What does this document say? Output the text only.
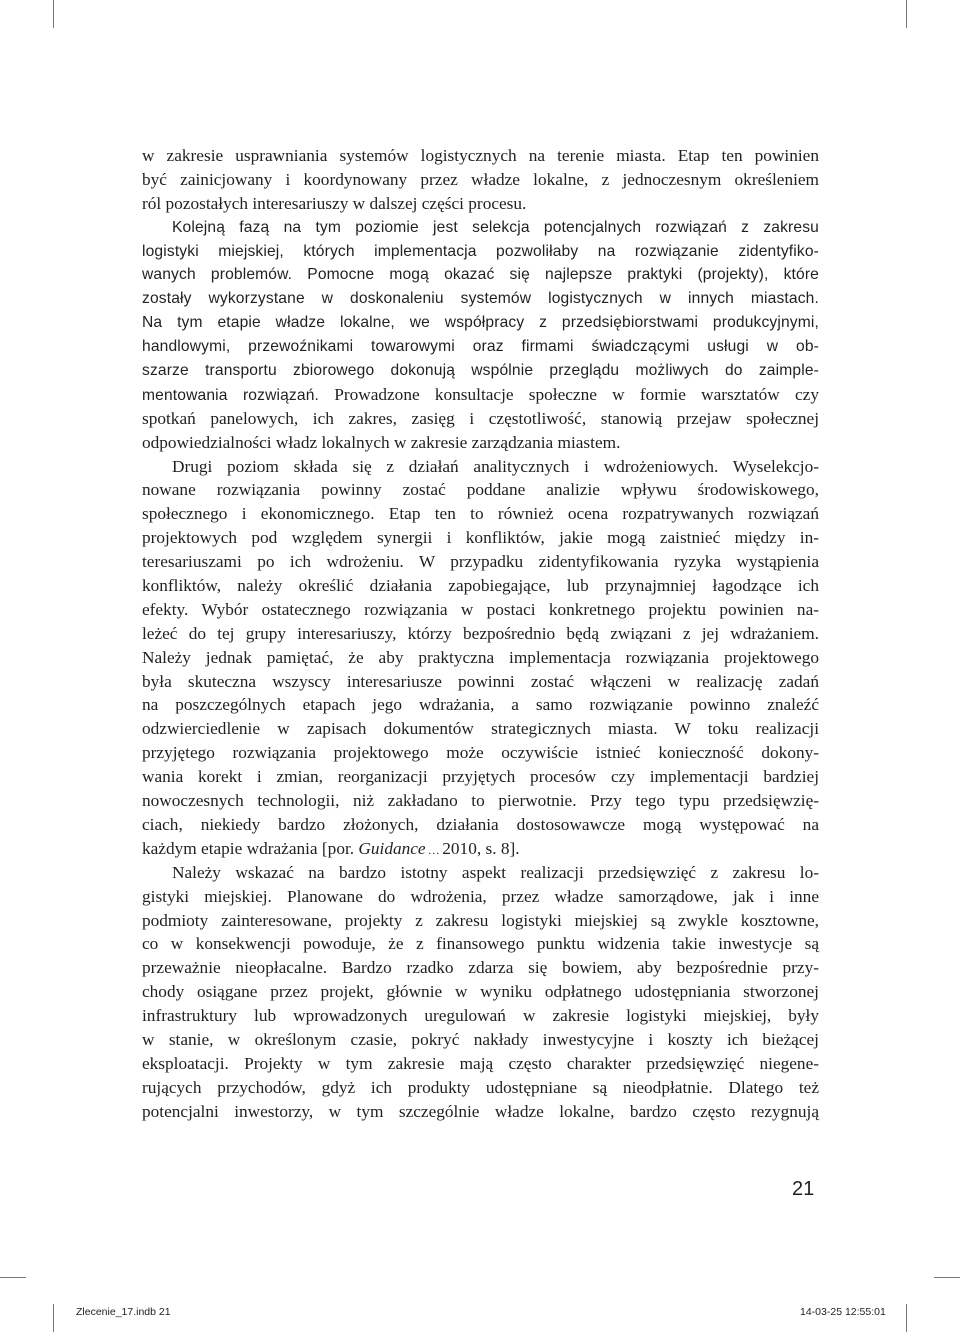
w zakresie usprawniania systemów logistycznych na terenie miasta. Etap ten powinien
być zainicjowany i koordynowany przez władze lokalne, z jednoczesnym określeniem
ról pozostałych interesariuszy w dalszej części procesu.
Kolejną fazą na tym poziomie jest selekcja potencjalnych rozwiązań z zakresu
logistyki miejskiej, których implementacja pozwoliłaby na rozwiązanie zidentyfiko-
wanych problemów. Pomocne mogą okazać się najlepsze praktyki (projekty), które
zostały wykorzystane w doskonaleniu systemów logistycznych w innych miastach.
Na tym etapie władze lokalne, we współpracy z przedsiębiorstwami produkcyjnymi,
handlowymi, przewoźnikami towarowymi oraz firmami świadczącymi usługi w ob-
szarze transportu zbiorowego dokonują wspólnie przeglądu możliwych do zaimple-
mentowania rozwiązań. Prowadzone konsultacje społeczne w formie warsztatów czy
spotkań panelowych, ich zakres, zasięg i częstotliwość, stanowią przejaw społecznej
odpowiedzialności władz lokalnych w zakresie zarządzania miastem.
Drugi poziom składa się z działań analitycznych i wdrożeniowych. Wyselekcjo-
nowane rozwiązania powinny zostać poddane analizie wpływu środowiskowego,
społecznego i ekonomicznego. Etap ten to również ocena rozpatrywanych rozwiązań
projektowych pod względem synergii i konfliktów, jakie mogą zaistnieć między in-
teresariuszami po ich wdrożeniu. W przypadku zidentyfikowania ryzyka wystąpienia
konfliktów, należy określić działania zapobiegające, lub przynajmniej łagodzące ich
efekty. Wybór ostatecznego rozwiązania w postaci konkretnego projektu powinien na-
leżeć do tej grupy interesariuszy, którzy bezpośrednio będą związani z jej wdrażaniem.
Należy jednak pamiętać, że aby praktyczna implementacja rozwiązania projektowego
była skuteczna wszyscy interesariusze powinni zostać włączeni w realizację zadań
na poszczególnych etapach jego wdrażania, a samo rozwiązanie powinno znaleźć
odzwierciedlenie w zapisach dokumentów strategicznych miasta. W toku realizacji
przyjętego rozwiązania projektowego może oczywiście istnieć konieczność dokony-
wania korekt i zmian, reorganizacji przyjętych procesów czy implementacji bardziej
nowoczesnych technologii, niż zakładano to pierwotnie. Przy tego typu przedsięwzię-
ciach, niekiedy bardzo złożonych, działania dostosowawcze mogą występować na
każdym etapie wdrażania [por. Guidance … 2010, s. 8].
Należy wskazać na bardzo istotny aspekt realizacji przedsięwzięć z zakresu lo-
gistyki miejskiej. Planowane do wdrożenia, przez władze samorządowe, jak i inne
podmioty zainteresowane, projekty z zakresu logistyki miejskiej są zwykle kosztowne,
co w konsekwencji powoduje, że z finansowego punktu widzenia takie inwestycje są
przeważnie nieopłacalne. Bardzo rzadko zdarza się bowiem, aby bezpośrednie przy-
chody osiągane przez projekt, głównie w wyniku odpłatnego udostępniania stworzonej
infrastruktury lub wprowadzonych uregulowań w zakresie logistyki miejskiej, były
w stanie, w określonym czasie, pokryć nakłady inwestycyjne i koszty ich bieżącej
eksploatacji. Projekty w tym zakresie mają często charakter przedsięwzięć niegene-
rujących przychodów, gdyż ich produkty udostępniane są nieodpłatnie. Dlatego też
potencjalni inwestorzy, w tym szczególnie władze lokalne, bardzo często rezygnują
21
Zlecenie_17.indb 21	14-03-25 12:55:01
